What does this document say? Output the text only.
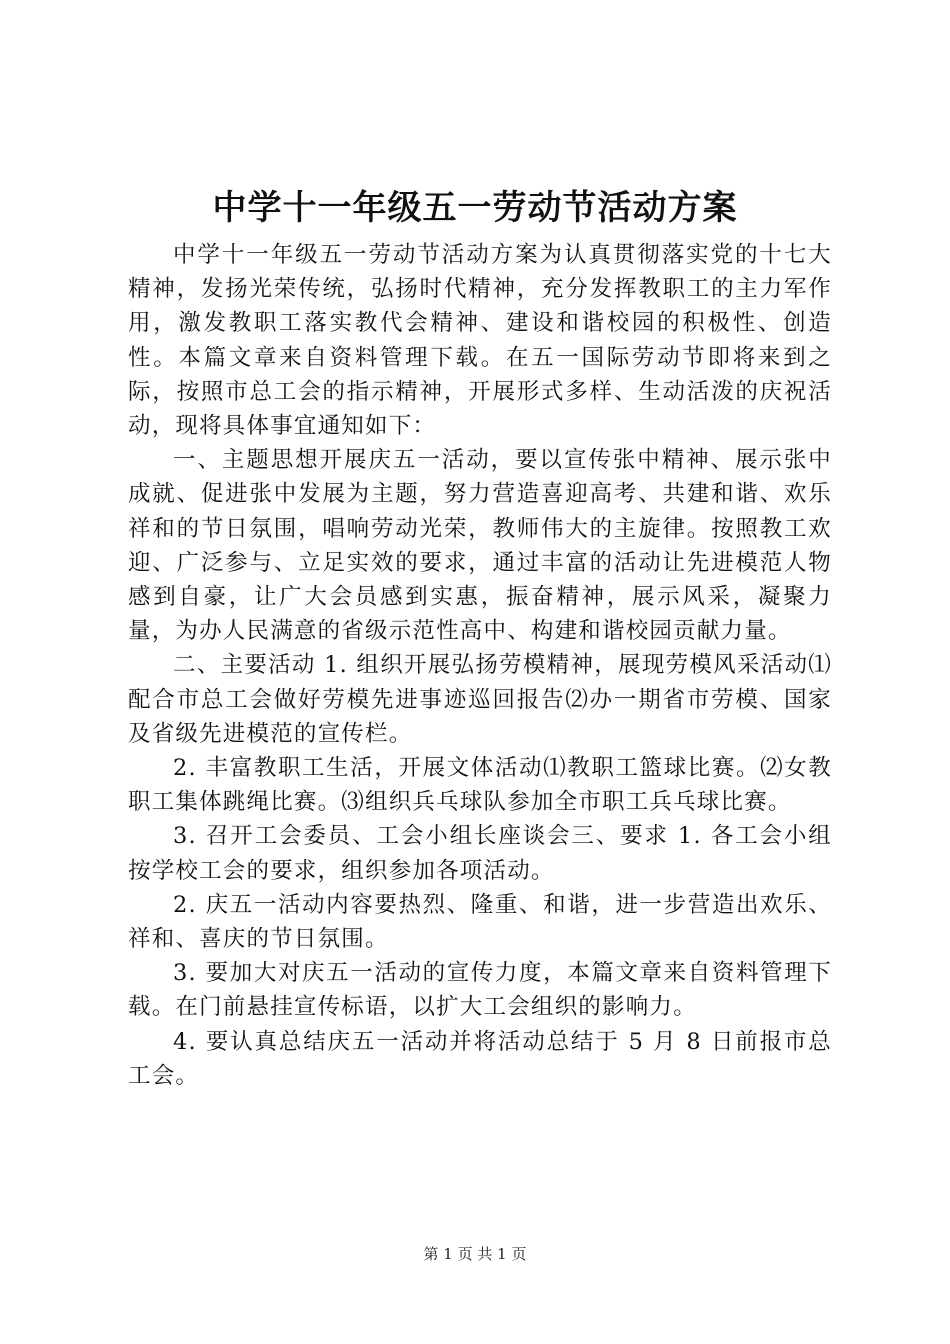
中学十一年级五一劳动节活动方案

中学十一年级五一劳动节活动方案为认真贯彻落实党的十七大精神，发扬光荣传统，弘扬时代精神，充分发挥教职工的主力军作用，激发教职工落实教代会精神、建设和谐校园的积极性、创造性。本篇文章来自资料管理下载。在五一国际劳动节即将来到之际，按照市总工会的指示精神，开展形式多样、生动活泼的庆祝活动，现将具体事宜通知如下：

一、主题思想开展庆五一活动，要以宣传张中精神、展示张中成就、促进张中发展为主题，努力营造喜迎高考、共建和谐、欢乐祥和的节日氛围，唱响劳动光荣，教师伟大的主旋律。按照教工欢迎、广泛参与、立足实效的要求，通过丰富的活动让先进模范人物感到自豪，让广大会员感到实惠，振奋精神，展示风采，凝聚力量，为办人民满意的省级示范性高中、构建和谐校园贡献力量。

二、主要活动 1. 组织开展弘扬劳模精神，展现劳模风采活动⑴配合市总工会做好劳模先进事迹巡回报告⑵办一期省市劳模、国家及省级先进模范的宣传栏。

2. 丰富教职工生活，开展文体活动⑴教职工篮球比赛。⑵女教职工集体跳绳比赛。⑶组织兵乓球队参加全市职工兵乓球比赛。

3. 召开工会委员、工会小组长座谈会三、要求 1. 各工会小组按学校工会的要求，组织参加各项活动。

2. 庆五一活动内容要热烈、隆重、和谐，进一步营造出欢乐、祥和、喜庆的节日氛围。

3. 要加大对庆五一活动的宣传力度，本篇文章来自资料管理下载。在门前悬挂宣传标语，以扩大工会组织的影响力。

4. 要认真总结庆五一活动并将活动总结于 5 月 8 日前报市总工会。

第 1 页 共 1 页
